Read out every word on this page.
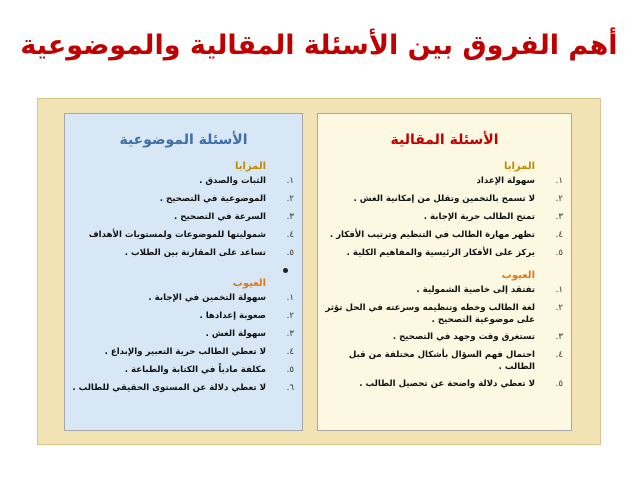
أهم الفروق بين الأسئلة المقالية والموضوعية
الأسئلة الموضوعية
المزايا
١.
الثبات والصدق .
٢.
الموضوعية في التصحيح .
٣.
السرعة في التصحيح .
٤.
شموليتها للموضوعات ولمستويات الأهداف
٥.
تساعد على المقارنة بين الطلاب .
العيوب
١.
سهولة التخمين في الإجابة .
٢.
صعوبة إعدادها .
٣.
سهولة الغش .
٤.
لا تعطي الطالب حرية التعبير والإبداع .
٥.
مكلفة مادياً في الكتابة والطباعة .
٦.
لا تعطي دلالة عن المستوى الحقيقي للطالب .
الأسئلة المقالية
المزايا
١.
سهولة الإعداد
٢.
لا تسمح بالتخمين وتقلل من إمكانية الغش .
٣.
تمنح الطالب حرية الإجابة .
٤.
تظهر مهارة الطالب في التنظيم وترتيب الأفكار .
٥.
يركز على الأفكار الرئيسية والمفاهيم الكلية .
العيوب
١.
تفتقد إلى خاصية الشمولية .
٢.
لغة الطالب وخطه وتنظيمه وسرعته في الحل تؤثر على موضوعية التصحيح .
٣.
تستغرق وقت وجهد في التصحيح .
٤.
احتمال فهم السؤال بأشكال مختلفة من قبل الطالب .
٥.
لا تعطي دلالة واضحة عن تحصيل الطالب .
